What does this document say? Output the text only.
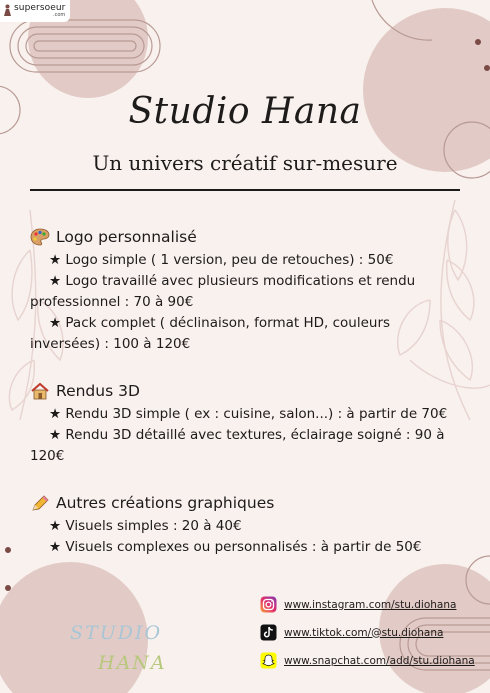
supersoeur
.com
Studio Hana
Un univers créatif sur-mesure
Logo personnalisé

★ Logo simple ( 1 version, peu de retouches) : 50€

★ Logo travaillé avec plusieurs modifications et rendu professionnel : 70 à 90€

★ Pack complet ( déclinaison, format HD, couleurs inversées) : 100 à 120€

Rendus 3D

★ Rendu 3D simple ( ex : cuisine, salon...) : à partir de 70€

★ Rendu 3D détaillé avec textures, éclairage soigné : 90 à 120€

Autres créations graphiques

★ Visuels simples : 20 à 40€

★ Visuels complexes ou personnalisés : à partir de 50€

STUDIO
HANA
www.instagram.com/stu.diohana
www.tiktok.com/@stu.diohana
www.snapchat.com/add/stu.diohana
